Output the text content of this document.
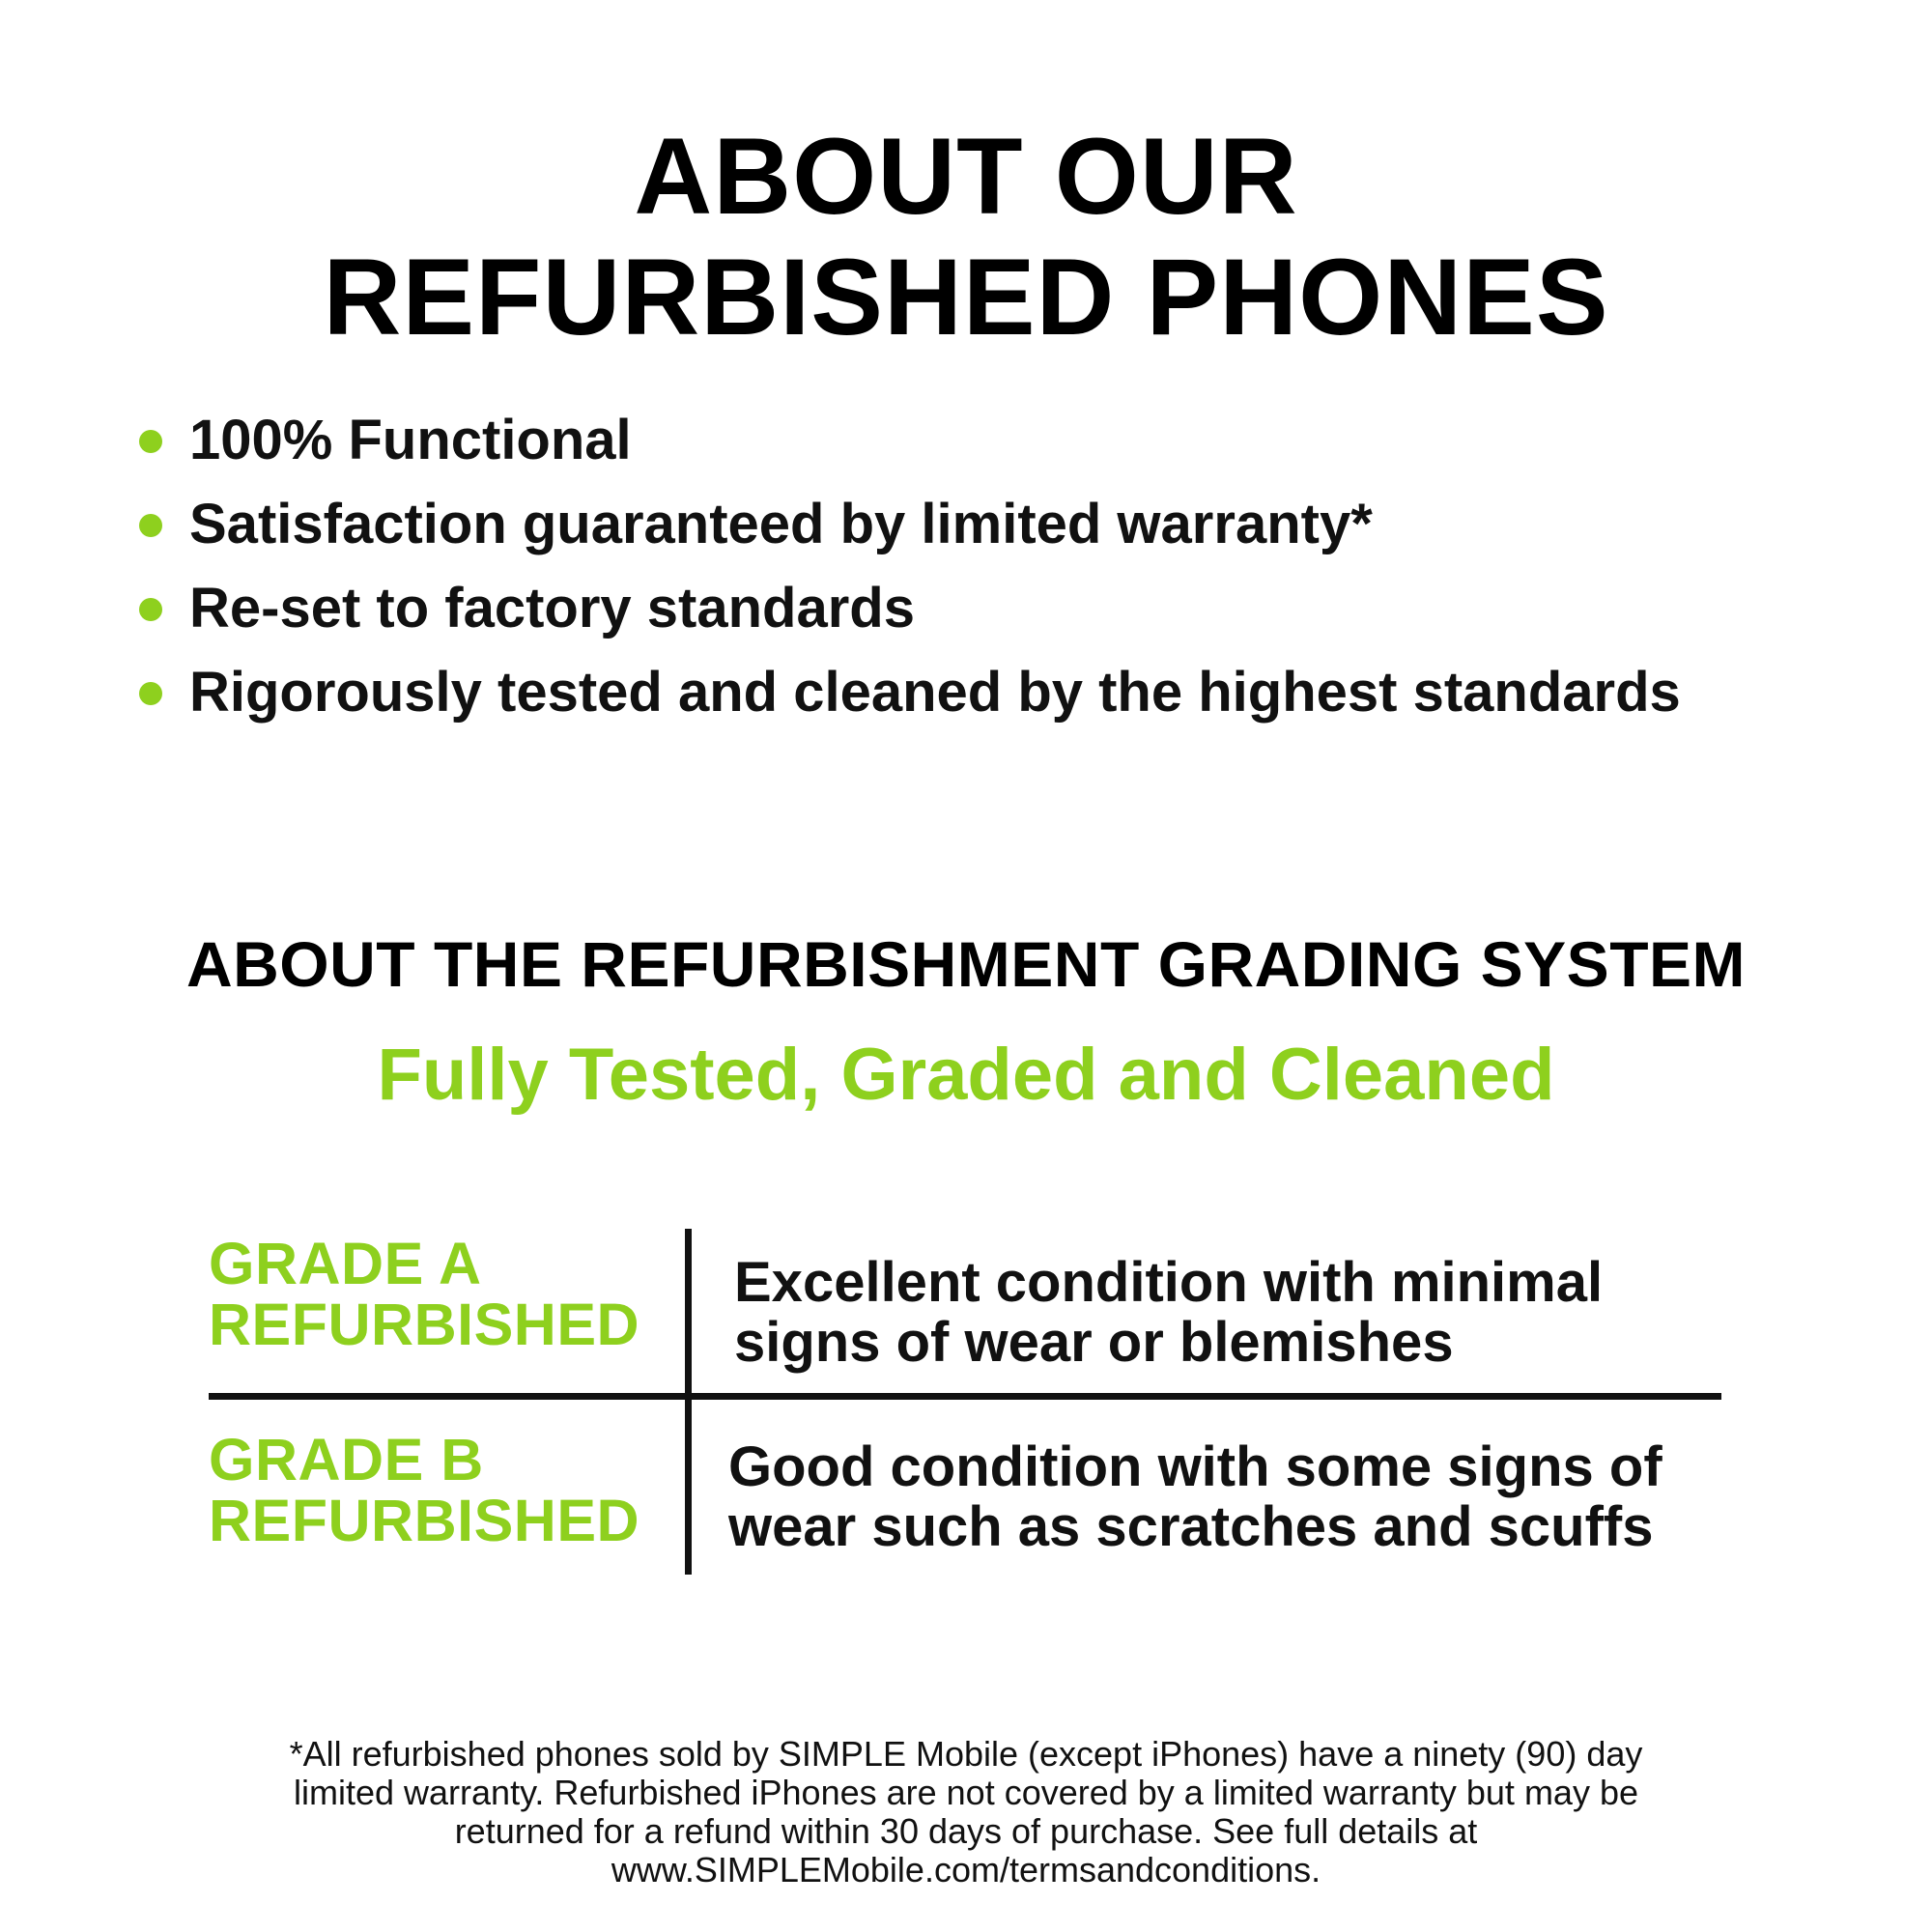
ABOUT OUR
REFURBISHED PHONES
100% Functional
Satisfaction guaranteed by limited warranty*
Re-set to factory standards
Rigorously tested and cleaned by the highest standards
ABOUT THE REFURBISHMENT GRADING SYSTEM
Fully Tested, Graded and Cleaned
GRADE A
REFURBISHED
Excellent condition with minimal
signs of wear or blemishes
GRADE B
REFURBISHED
Good condition with some signs of
wear such as scratches and scuffs
*All refurbished phones sold by SIMPLE Mobile (except iPhones) have a ninety (90) day
limited warranty. Refurbished iPhones are not covered by a limited warranty but may be
returned for a refund within 30 days of purchase. See full details at
www.SIMPLEMobile.com/termsandconditions.
